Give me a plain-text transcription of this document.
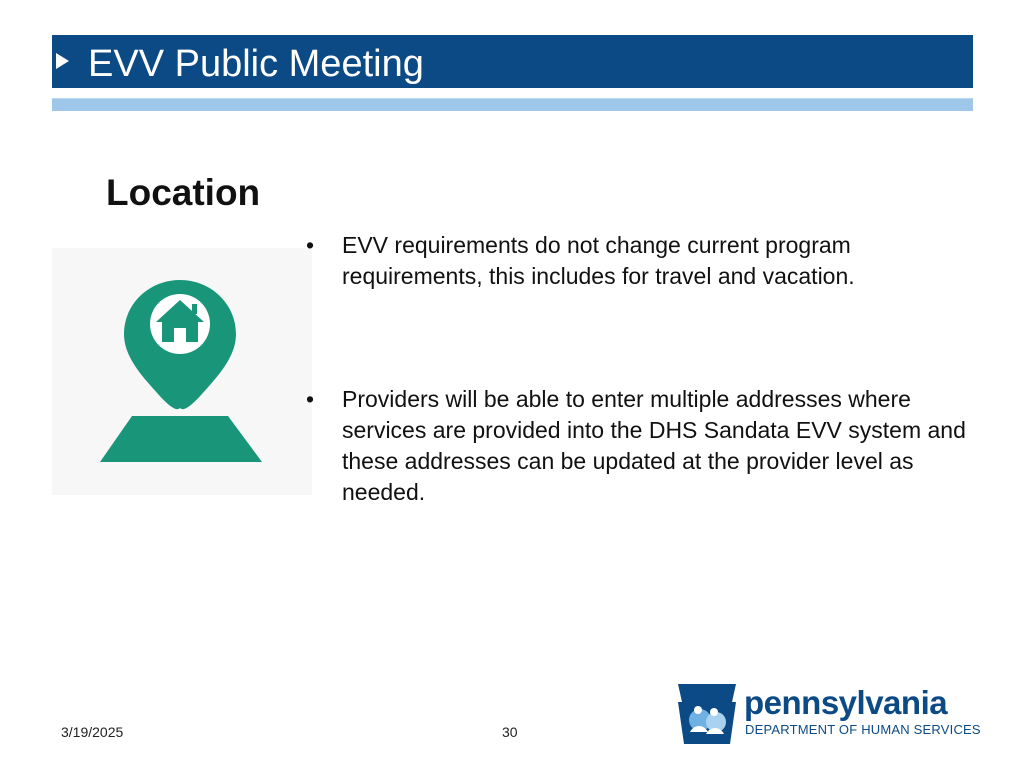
EVV Public Meeting
Location
•	EVV requirements do not change current program requirements, this includes for travel and vacation.
•	Providers will be able to enter multiple addresses where services are provided into the DHS Sandata EVV system and these addresses can be updated at the provider level as needed.
3/19/2025	30
pennsylvania
DEPARTMENT OF HUMAN SERVICES
